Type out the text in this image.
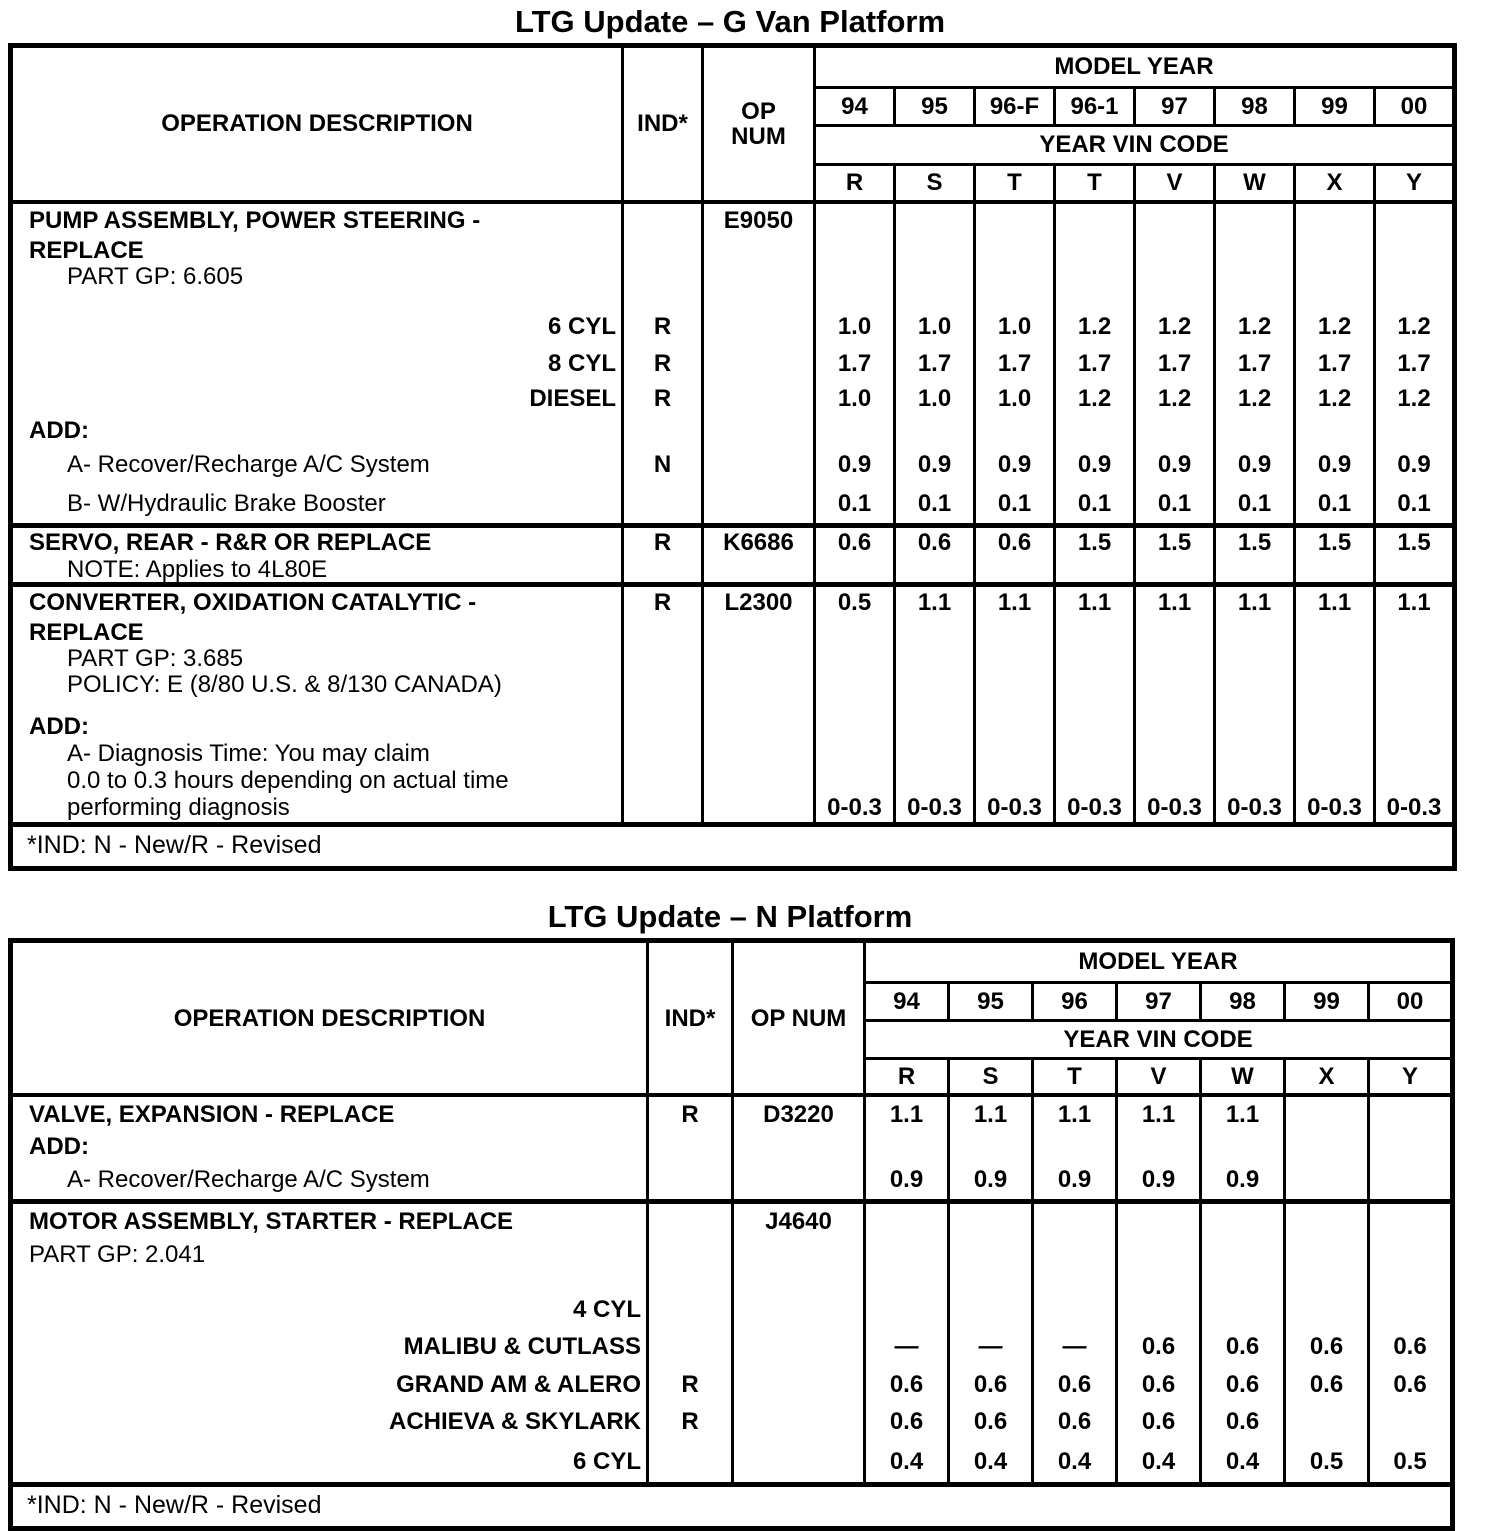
LTG Update – G Van Platform
OPERATION DESCRIPTION	IND*	OP
NUM	MODEL YEAR							
			94	95	96-F	96-1	97	98	99	00
			YEAR VIN CODE							
			R	S	T	T	V	W	X	Y
PUMP ASSEMBLY, POWER STEERING -		E9050								
REPLACE										
PART GP: 6.605										

6 CYL	R		1.0	1.0	1.0	1.2	1.2	1.2	1.2	1.2
8 CYL	R		1.7	1.7	1.7	1.7	1.7	1.7	1.7	1.7
DIESEL	R		1.0	1.0	1.0	1.2	1.2	1.2	1.2	1.2
ADD:										
A- Recover/Recharge A/C System	N		0.9	0.9	0.9	0.9	0.9	0.9	0.9	0.9
B- W/Hydraulic Brake Booster			0.1	0.1	0.1	0.1	0.1	0.1	0.1	0.1
SERVO, REAR - R&R OR REPLACE	R	K6686	0.6	0.6	0.6	1.5	1.5	1.5	1.5	1.5
NOTE: Applies to 4L80E										
CONVERTER, OXIDATION CATALYTIC -	R	L2300	0.5	1.1	1.1	1.1	1.1	1.1	1.1	1.1
REPLACE										
PART GP: 3.685										
POLICY: E (8/80 U.S. & 8/130 CANADA)										

ADD:										
A- Diagnosis Time: You may claim										
0.0 to 0.3 hours depending on actual time										
performing diagnosis			0-0.3	0-0.3	0-0.3	0-0.3	0-0.3	0-0.3	0-0.3	0-0.3
*IND: N - New/R - Revised										
LTG Update – N Platform
OPERATION DESCRIPTION	IND*	OP NUM	MODEL YEAR						
			94	95	96	97	98	99	00
			YEAR VIN CODE						
			R	S	T	V	W	X	Y
VALVE, EXPANSION - REPLACE	R	D3220	1.1	1.1	1.1	1.1	1.1		
ADD:									
A- Recover/Recharge A/C System			0.9	0.9	0.9	0.9	0.9		
MOTOR ASSEMBLY, STARTER - REPLACE		J4640							
PART GP: 2.041									

4 CYL									
MALIBU & CUTLASS			—	—	—	0.6	0.6	0.6	0.6
GRAND AM & ALERO	R		0.6	0.6	0.6	0.6	0.6	0.6	0.6
ACHIEVA & SKYLARK	R		0.6	0.6	0.6	0.6	0.6		
6 CYL			0.4	0.4	0.4	0.4	0.4	0.5	0.5
*IND: N - New/R - Revised									
